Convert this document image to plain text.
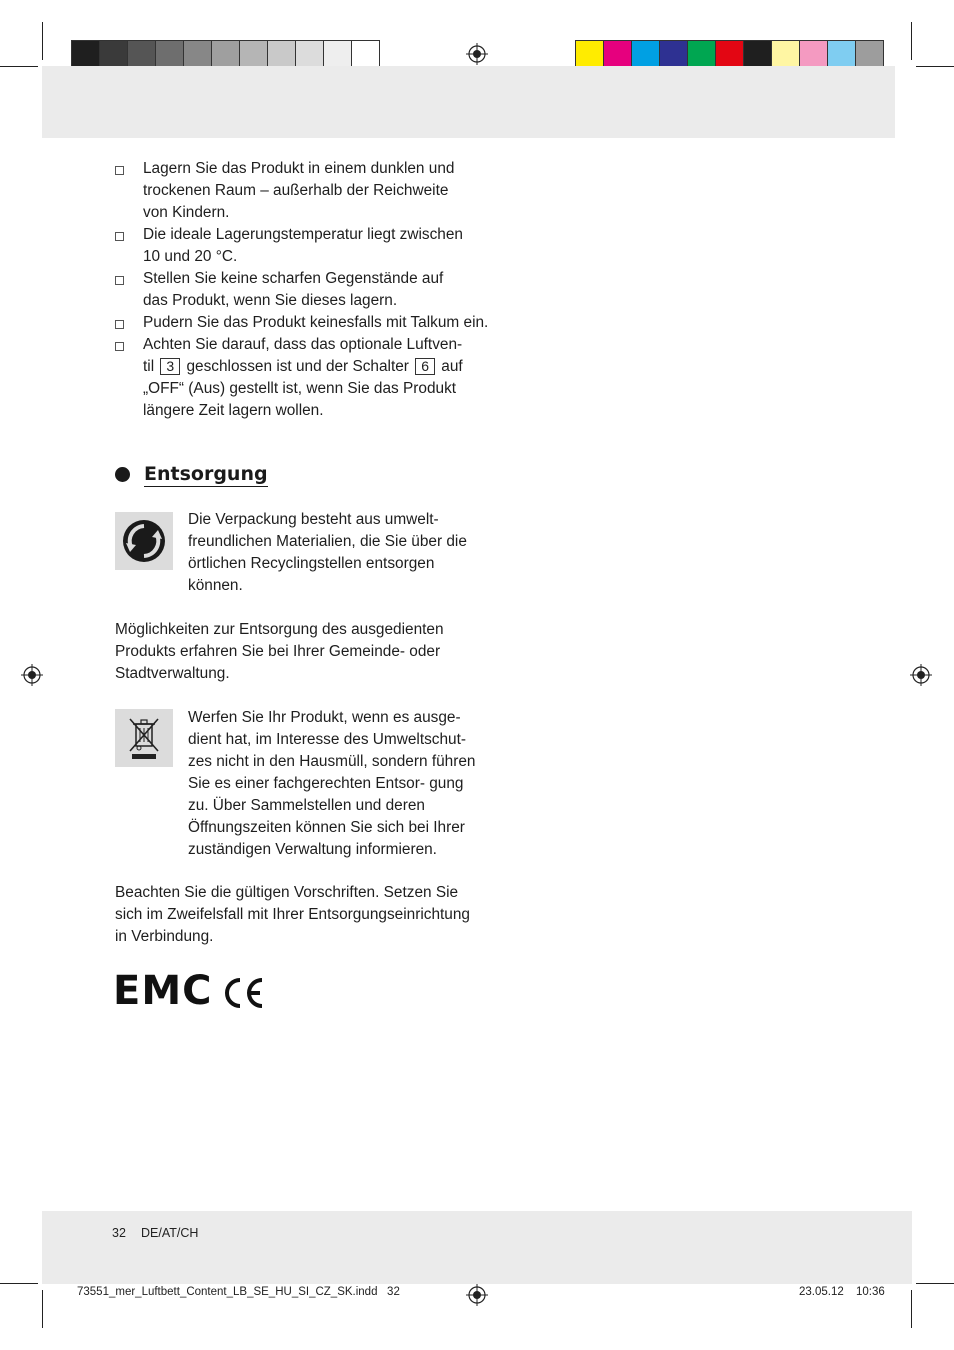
Lagern Sie das Produkt in einem dunklen und trockenen Raum – außerhalb der Reichweite von Kindern.
Die ideale Lagerungstemperatur liegt zwischen 10 und 20 °C.
Stellen Sie keine scharfen Gegenstände auf das Produkt, wenn Sie dieses lagern.
Pudern Sie das Produkt keinesfalls mit Talkum ein.
Achten Sie darauf, dass das optionale Luftven- til 3 geschlossen ist und der Schalter 6 auf „OFF“ (Aus) gestellt ist, wenn Sie das Produkt längere Zeit lagern wollen.
Entsorgung
Die Verpackung besteht aus umwelt- freundlichen Materialien, die Sie über die örtlichen Recyclingstellen entsorgen können.
Möglichkeiten zur Entsorgung des ausgedienten Produkts erfahren Sie bei Ihrer Gemeinde- oder Stadtverwaltung.
Werfen Sie Ihr Produkt, wenn es ausge- dient hat, im Interesse des Umweltschut- zes nicht in den Hausmüll, sondern führen Sie es einer fachgerechten Entsor- gung zu. Über Sammelstellen und deren Öffnungszeiten können Sie sich bei Ihrer zuständigen Verwaltung informieren.
Beachten Sie die gültigen Vorschriften. Setzen Sie sich im Zweifelsfall mit Ihrer Entsorgungseinrichtung in Verbindung.
EMC
32 DE/AT/CH
73551_mer_Luftbett_Content_LB_SE_HU_SI_CZ_SK.indd   32	23.05.12 10:36
